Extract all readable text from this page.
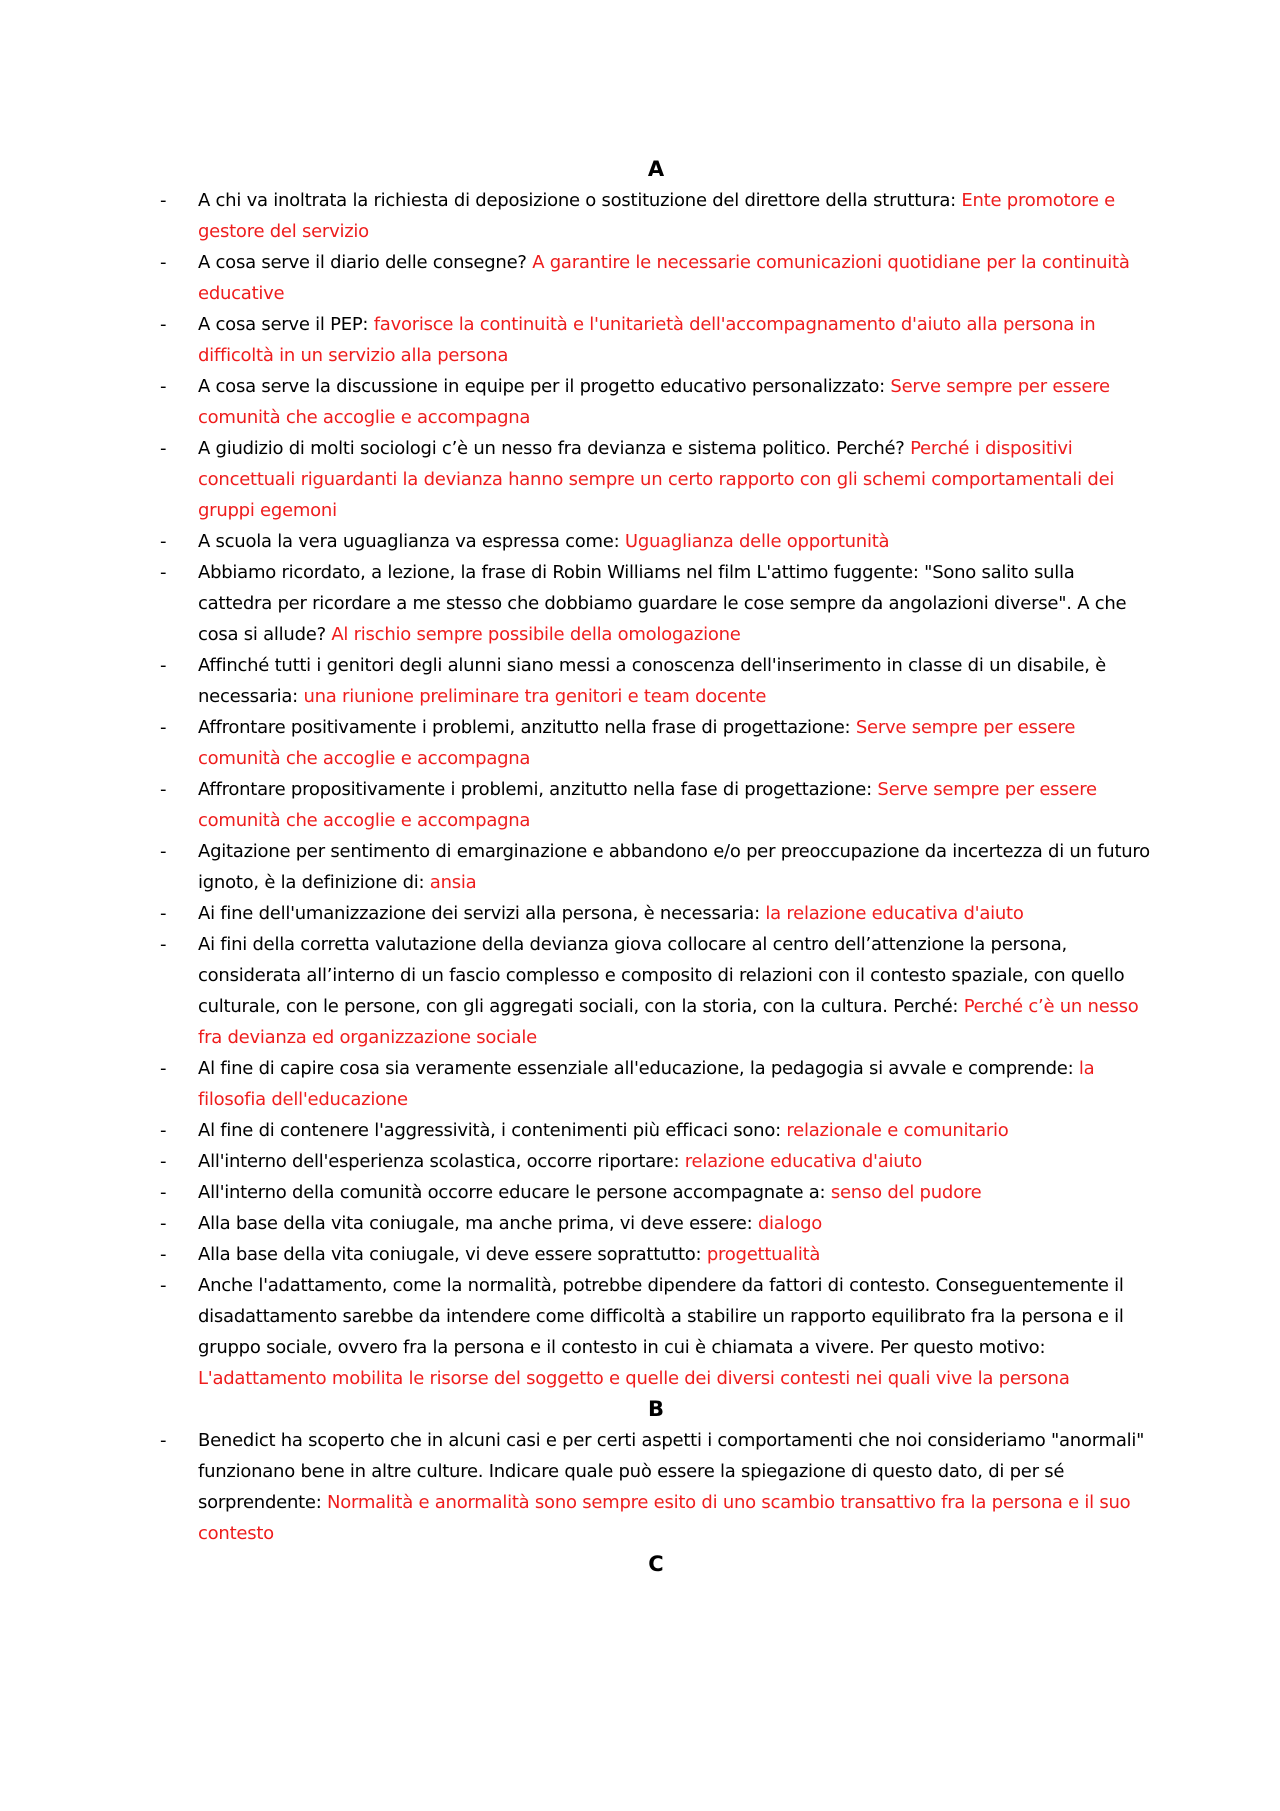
A
- A chi va inoltrata la richiesta di deposizione o sostituzione del direttore della struttura: Ente promotore e gestore del servizio
- A cosa serve il diario delle consegne? A garantire le necessarie comunicazioni quotidiane per la continuità educative
- A cosa serve il PEP: favorisce la continuità e l'unitarietà dell'accompagnamento d'aiuto alla persona in difficoltà in un servizio alla persona
- A cosa serve la discussione in equipe per il progetto educativo personalizzato: Serve sempre per essere comunità che accoglie e accompagna
- A giudizio di molti sociologi c’è un nesso fra devianza e sistema politico. Perché? Perché i dispositivi concettuali riguardanti la devianza hanno sempre un certo rapporto con gli schemi comportamentali dei gruppi egemoni
- A scuola la vera uguaglianza va espressa come: Uguaglianza delle opportunità
- Abbiamo ricordato, a lezione, la frase di Robin Williams nel film L'attimo fuggente: "Sono salito sulla cattedra per ricordare a me stesso che dobbiamo guardare le cose sempre da angolazioni diverse". A che cosa si allude? Al rischio sempre possibile della omologazione
- Affinché tutti i genitori degli alunni siano messi a conoscenza dell'inserimento in classe di un disabile, è necessaria: una riunione preliminare tra genitori e team docente
- Affrontare positivamente i problemi, anzitutto nella frase di progettazione: Serve sempre per essere comunità che accoglie e accompagna
- Affrontare propositivamente i problemi, anzitutto nella fase di progettazione: Serve sempre per essere comunità che accoglie e accompagna
- Agitazione per sentimento di emarginazione e abbandono e/o per preoccupazione da incertezza di un futuro ignoto, è la definizione di: ansia
- Ai fine dell'umanizzazione dei servizi alla persona, è necessaria: la relazione educativa d'aiuto
- Ai fini della corretta valutazione della devianza giova collocare al centro dell’attenzione la persona, considerata all’interno di un fascio complesso e composito di relazioni con il contesto spaziale, con quello culturale, con le persone, con gli aggregati sociali, con la storia, con la cultura. Perché: Perché c’è un nesso fra devianza ed organizzazione sociale
- Al fine di capire cosa sia veramente essenziale all'educazione, la pedagogia si avvale e comprende: la filosofia dell'educazione
- Al fine di contenere l'aggressività, i contenimenti più efficaci sono: relazionale e comunitario
- All'interno dell'esperienza scolastica, occorre riportare: relazione educativa d'aiuto
- All'interno della comunità occorre educare le persone accompagnate a: senso del pudore
- Alla base della vita coniugale, ma anche prima, vi deve essere: dialogo
- Alla base della vita coniugale, vi deve essere soprattutto: progettualità
- Anche l'adattamento, come la normalità, potrebbe dipendere da fattori di contesto. Conseguentemente il disadattamento sarebbe da intendere come difficoltà a stabilire un rapporto equilibrato fra la persona e il gruppo sociale, ovvero fra la persona e il contesto in cui è chiamata a vivere. Per questo motivo: L'adattamento mobilita le risorse del soggetto e quelle dei diversi contesti nei quali vive la persona
B
- Benedict ha scoperto che in alcuni casi e per certi aspetti i comportamenti che noi consideriamo "anormali" funzionano bene in altre culture. Indicare quale può essere la spiegazione di questo dato, di per sé sorprendente: Normalità e anormalità sono sempre esito di uno scambio transattivo fra la persona e il suo contesto
C
